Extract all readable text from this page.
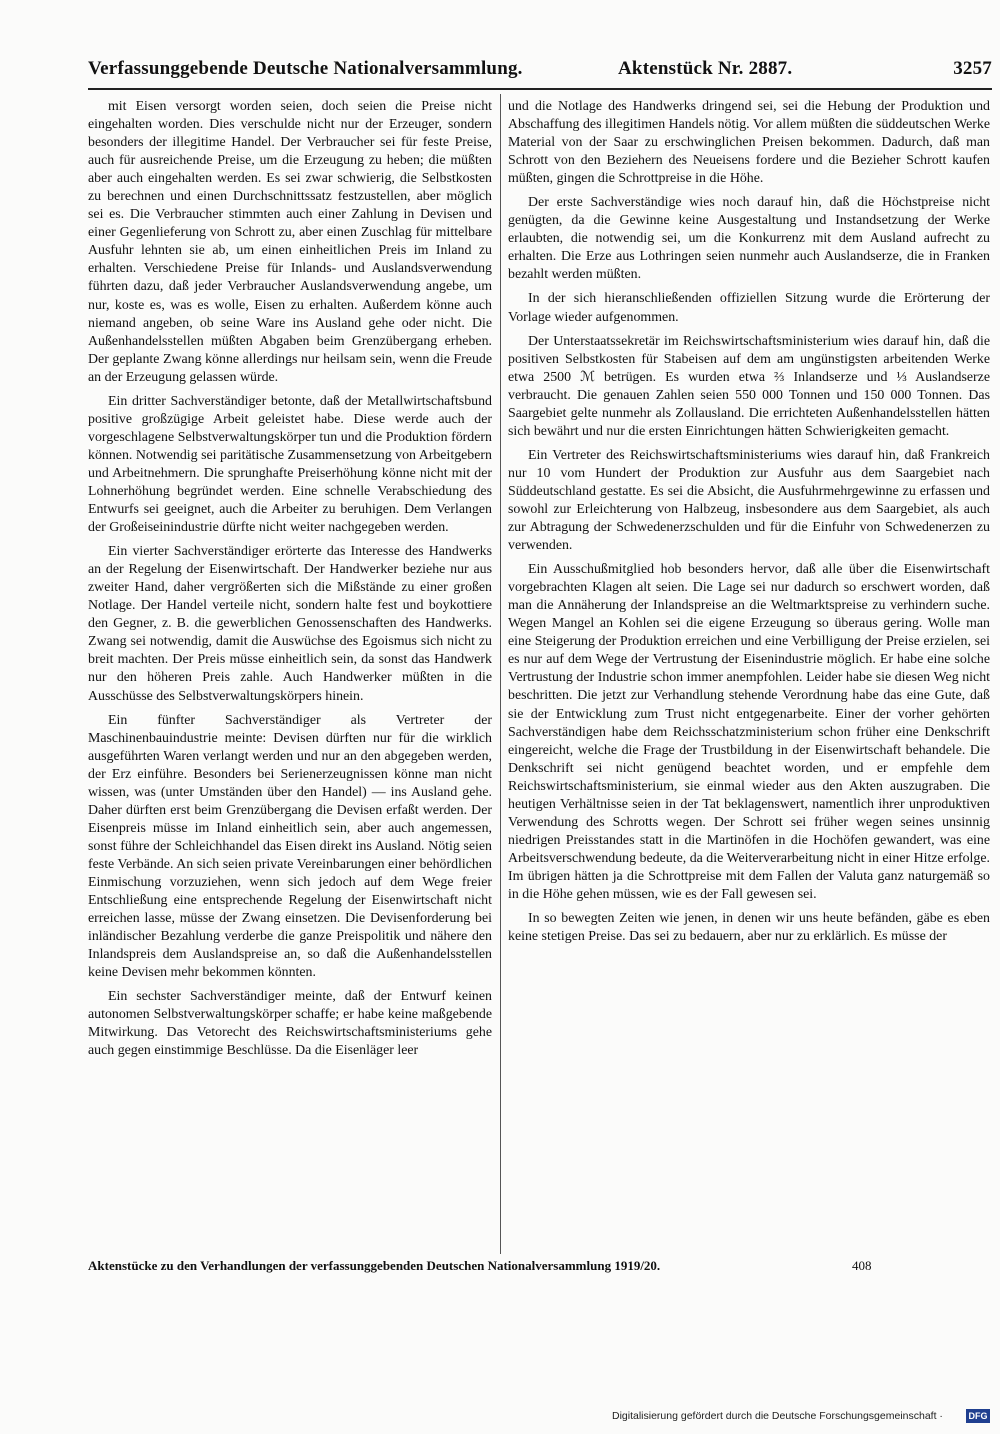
Verfassunggebende Deutsche Nationalversammlung.	Aktenstück Nr. 2887.	3257

mit Eisen versorgt worden seien, doch seien die Preise nicht eingehalten worden. Dies verschulde nicht nur der Erzeuger, sondern besonders der illegitime Handel. Der Verbraucher sei für feste Preise, auch für ausreichende Preise, um die Erzeugung zu heben; die müßten aber auch eingehalten werden. Es sei zwar schwierig, die Selbstkosten zu berechnen und einen Durchschnittssatz festzustellen, aber möglich sei es. Die Verbraucher stimmten auch einer Zahlung in Devisen und einer Gegenlieferung von Schrott zu, aber einen Zuschlag für mittelbare Ausfuhr lehnten sie ab, um einen einheitlichen Preis im Inland zu erhalten. Verschiedene Preise für Inlands- und Auslandsverwendung führten dazu, daß jeder Verbraucher Auslandsverwendung angebe, um nur, koste es, was es wolle, Eisen zu erhalten. Außerdem könne auch niemand angeben, ob seine Ware ins Ausland gehe oder nicht. Die Außenhandelsstellen müßten Abgaben beim Grenzübergang erheben. Der geplante Zwang könne allerdings nur heilsam sein, wenn die Freude an der Erzeugung gelassen würde.

Ein dritter Sachverständiger betonte, daß der Metallwirtschaftsbund positive großzügige Arbeit geleistet habe. Diese werde auch der vorgeschlagene Selbstverwaltungskörper tun und die Produktion fördern können. Notwendig sei paritätische Zusammensetzung von Arbeitgebern und Arbeitnehmern. Die sprunghafte Preiserhöhung könne nicht mit der Lohnerhöhung begründet werden. Eine schnelle Verabschiedung des Entwurfs sei geeignet, auch die Arbeiter zu beruhigen. Dem Verlangen der Großeiseinindustrie dürfte nicht weiter nachgegeben werden.

Ein vierter Sachverständiger erörterte das Interesse des Handwerks an der Regelung der Eisenwirtschaft. Der Handwerker beziehe nur aus zweiter Hand, daher vergrößerten sich die Mißstände zu einer großen Notlage. Der Handel verteile nicht, sondern halte fest und boykottiere den Gegner, z. B. die gewerblichen Genossenschaften des Handwerks. Zwang sei notwendig, damit die Auswüchse des Egoismus sich nicht zu breit machten. Der Preis müsse einheitlich sein, da sonst das Handwerk nur den höheren Preis zahle. Auch Handwerker müßten in die Ausschüsse des Selbstverwaltungskörpers hinein.

Ein fünfter Sachverständiger als Vertreter der Maschinenbauindustrie meinte: Devisen dürften nur für die wirklich ausgeführten Waren verlangt werden und nur an den abgegeben werden, der Erz einführe. Besonders bei Serienerzeugnissen könne man nicht wissen, was (unter Umständen über den Handel) — ins Ausland gehe. Daher dürften erst beim Grenzübergang die Devisen erfaßt werden. Der Eisenpreis müsse im Inland einheitlich sein, aber auch angemessen, sonst führe der Schleichhandel das Eisen direkt ins Ausland. Nötig seien feste Verbände. An sich seien private Vereinbarungen einer behördlichen Einmischung vorzuziehen, wenn sich jedoch auf dem Wege freier Entschließung eine entsprechende Regelung der Eisenwirtschaft nicht erreichen lasse, müsse der Zwang einsetzen. Die Devisenforderung bei inländischer Bezahlung verderbe die ganze Preispolitik und nähere den Inlandspreis dem Auslandspreise an, so daß die Außenhandelsstellen keine Devisen mehr bekommen könnten.

Ein sechster Sachverständiger meinte, daß der Entwurf keinen autonomen Selbstverwaltungskörper schaffe; er habe keine maßgebende Mitwirkung. Das Vetorecht des Reichswirtschaftsministeriums gehe auch gegen einstimmige Beschlüsse. Da die Eisenläger leer

und die Notlage des Handwerks dringend sei, sei die Hebung der Produktion und Abschaffung des illegitimen Handels nötig. Vor allem müßten die süddeutschen Werke Material von der Saar zu erschwinglichen Preisen bekommen. Dadurch, daß man Schrott von den Beziehern des Neueisens fordere und die Bezieher Schrott kaufen müßten, gingen die Schrottpreise in die Höhe.

Der erste Sachverständige wies noch darauf hin, daß die Höchstpreise nicht genügten, da die Gewinne keine Ausgestaltung und Instandsetzung der Werke erlaubten, die notwendig sei, um die Konkurrenz mit dem Ausland aufrecht zu erhalten. Die Erze aus Lothringen seien nunmehr auch Auslandserze, die in Franken bezahlt werden müßten.

In der sich hieranschließenden offiziellen Sitzung wurde die Erörterung der Vorlage wieder aufgenommen.

Der Unterstaatssekretär im Reichswirtschaftsministerium wies darauf hin, daß die positiven Selbstkosten für Stabeisen auf dem am ungünstigsten arbeitenden Werke etwa 2500 ℳ betrügen. Es wurden etwa ⅔ Inlandserze und ⅓ Auslandserze verbraucht. Die genauen Zahlen seien 550 000 Tonnen und 150 000 Tonnen. Das Saargebiet gelte nunmehr als Zollausland. Die errichteten Außenhandelsstellen hätten sich bewährt und nur die ersten Einrichtungen hätten Schwierigkeiten gemacht.

Ein Vertreter des Reichswirtschaftsministeriums wies darauf hin, daß Frankreich nur 10 vom Hundert der Produktion zur Ausfuhr aus dem Saargebiet nach Süddeutschland gestatte. Es sei die Absicht, die Ausfuhrmehrgewinne zu erfassen und sowohl zur Erleichterung von Halbzeug, insbesondere aus dem Saargebiet, als auch zur Abtragung der Schwedenerzschulden und für die Einfuhr von Schwedenerzen zu verwenden.

Ein Ausschußmitglied hob besonders hervor, daß alle über die Eisenwirtschaft vorgebrachten Klagen alt seien. Die Lage sei nur dadurch so erschwert worden, daß man die Annäherung der Inlandspreise an die Weltmarktspreise zu verhindern suche. Wegen Mangel an Kohlen sei die eigene Erzeugung so überaus gering. Wolle man eine Steigerung der Produktion erreichen und eine Verbilligung der Preise erzielen, sei es nur auf dem Wege der Vertrustung der Eisenindustrie möglich. Er habe eine solche Vertrustung der Industrie schon immer anempfohlen. Leider habe sie diesen Weg nicht beschritten. Die jetzt zur Verhandlung stehende Verordnung habe das eine Gute, daß sie der Entwicklung zum Trust nicht entgegenarbeite. Einer der vorher gehörten Sachverständigen habe dem Reichsschatzministerium schon früher eine Denkschrift eingereicht, welche die Frage der Trustbildung in der Eisenwirtschaft behandele. Die Denkschrift sei nicht genügend beachtet worden, und er empfehle dem Reichswirtschaftsministerium, sie einmal wieder aus den Akten auszugraben. Die heutigen Verhältnisse seien in der Tat beklagenswert, namentlich ihrer unproduktiven Verwendung des Schrotts wegen. Der Schrott sei früher wegen seines unsinnig niedrigen Preisstandes statt in die Martinöfen in die Hochöfen gewandert, was eine Arbeitsverschwendung bedeute, da die Weiterverarbeitung nicht in einer Hitze erfolge. Im übrigen hätten ja die Schrottpreise mit dem Fallen der Valuta ganz naturgemäß so in die Höhe gehen müssen, wie es der Fall gewesen sei.

In so bewegten Zeiten wie jenen, in denen wir uns heute befänden, gäbe es eben keine stetigen Preise. Das sei zu bedauern, aber nur zu erklärlich. Es müsse der

Aktenstücke zu den Verhandlungen der verfassunggebenden Deutschen Nationalversammlung 1919/20.	408
Digitalisierung gefördert durch die Deutsche Forschungsgemeinschaft ·	DFG
